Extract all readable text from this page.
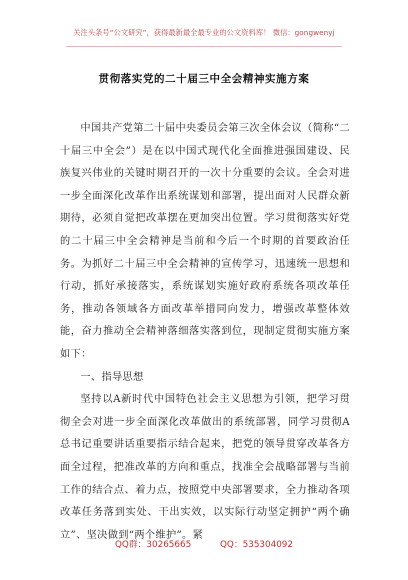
关注头条号“公文研究”，获得最新最全最专业的公文资料库！ 微信：gongwenyj
贯彻落实党的二十届三中全会精神实施方案

中国共产党第二十届中央委员会第三次全体会议（简称“二十届三中全会”）是在以中国式现代化全面推进强国建设、民族复兴伟业的关键时期召开的一次十分重要的会议。全会对进一步全面深化改革作出系统谋划和部署，提出面对人民群众新期待，必须自觉把改革摆在更加突出位置。学习贯彻落实好党的二十届三中全会精神是当前和今后一个时期的首要政治任务。为抓好二十届三中全会精神的宣传学习，迅速统一思想和行动，抓好承接落实，系统谋划实施好政府系统各项改革任务，推动各领域各方面改革举措同向发力，增强改革整体效能，奋力推动全会精神落细落实落到位，现制定贯彻实施方案如下：

一、指导思想

坚持以A新时代中国特色社会主义思想为引领，把学习贯彻全会对进一步全面深化改革做出的系统部署，同学习贯彻A总书记重要讲话重要指示结合起来，把党的领导贯穿改革各方面全过程，把准改革的方向和重点，找准全会战略部署与当前工作的结合点、着力点，按照党中央部署要求，全力推动各项改革任务落到实处、干出实效，以实际行动坚定拥护“两个确立”、坚决做到“两个维护”。紧

QQ群：30265665	QQ：535304092
